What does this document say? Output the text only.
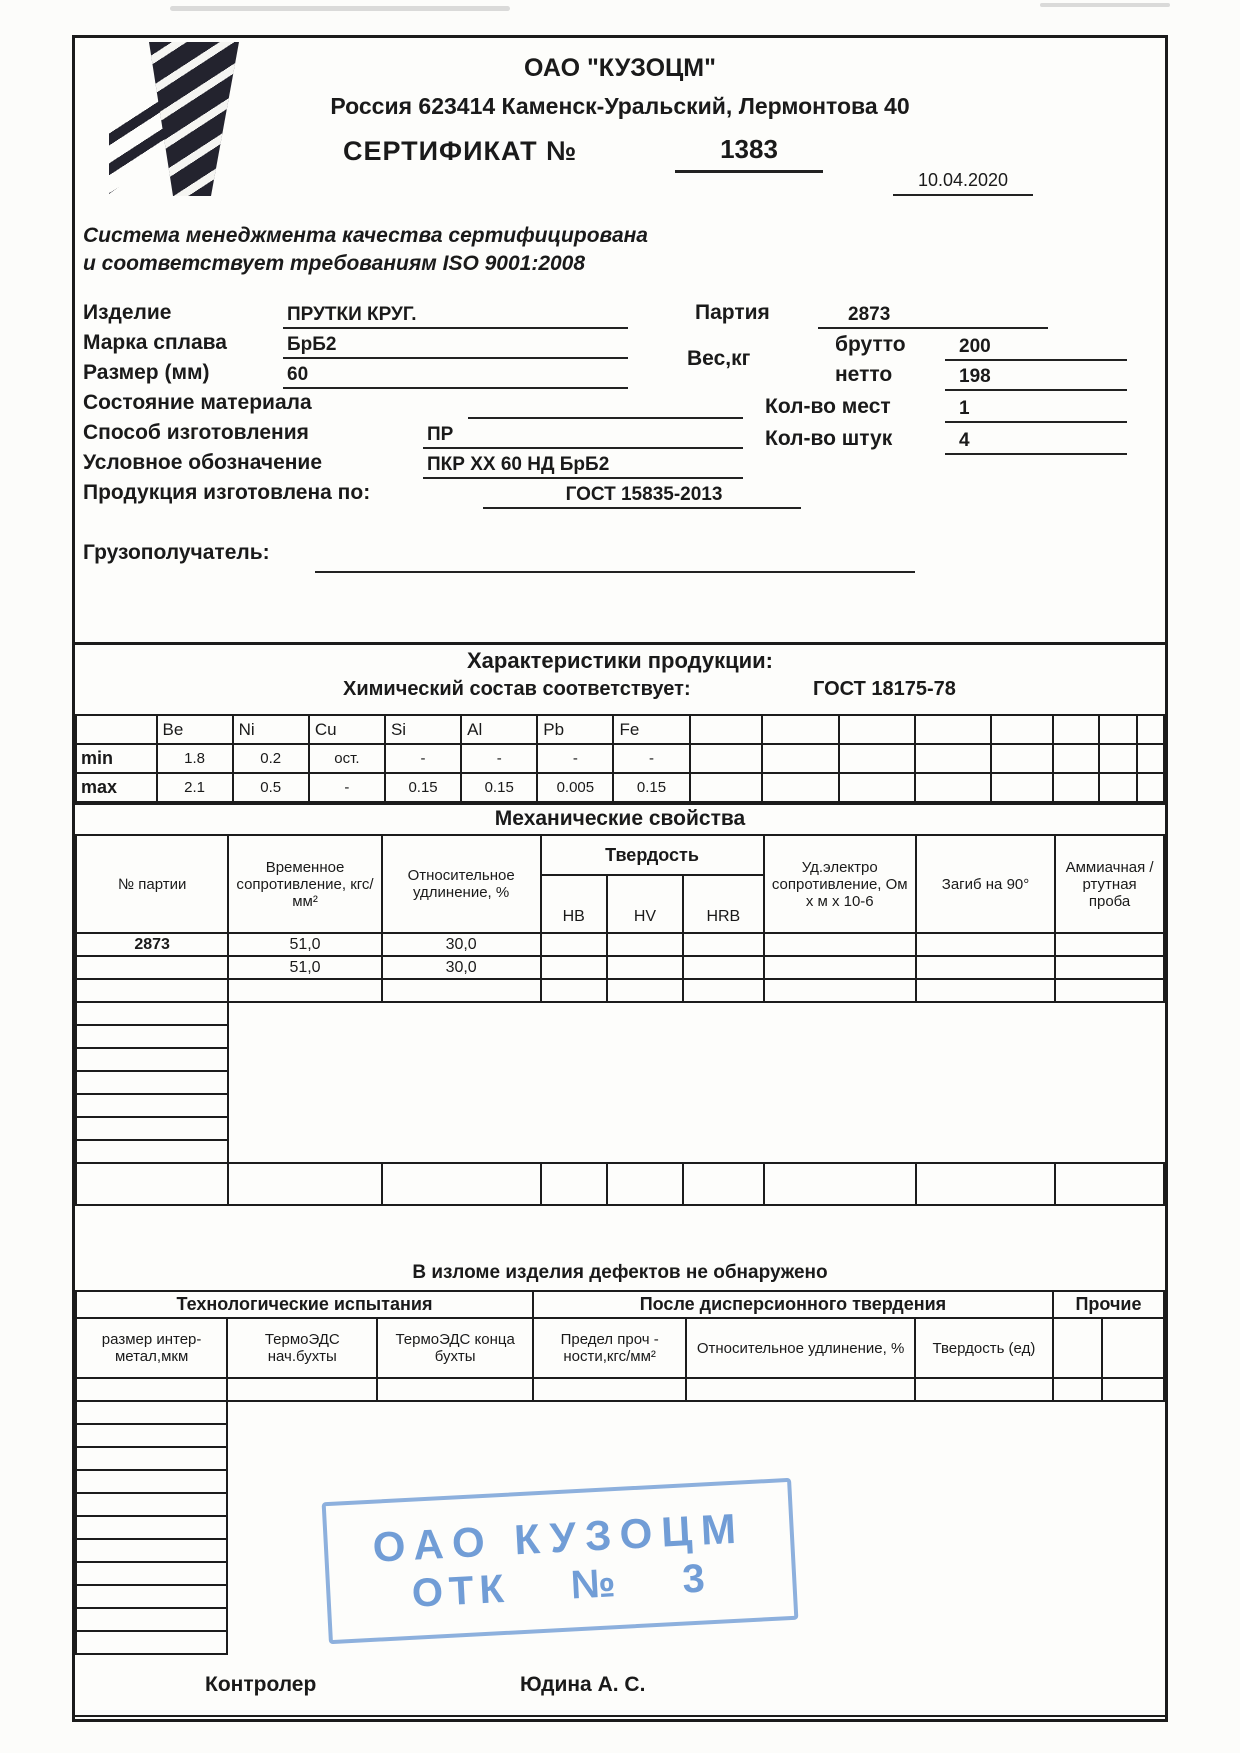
ОАО "КУЗОЦМ"
Россия 623414 Каменск-Уральский, Лермонтова 40
СЕРТИФИКАТ №	1383
10.04.2020
Система менеджмента качества сертифицирована
и соответствует требованиям ISO 9001:2008
Изделие	ПРУТКИ КРУГ.
Марка сплава	БрБ2
Размер (мм)	60
Состояние материала
Способ изготовления	ПР
Условное обозначение	ПКР ХХ 60 НД БрБ2
Продукция изготовлена по:	ГОСТ 15835-2013
Партия	2873
Вес,кг
брутто	200
нетто	198
Кол-во мест	1
Кол-во штук	4
Грузополучатель:
Характеристики продукции:
Химический состав соответствует:	ГОСТ 18175-78
	Be	Ni	Cu	Si	Al	Pb	Fe								
min	1.8	0.2	ост.	-	-	-	-								
max	2.1	0.5	-	0.15	0.15	0.005	0.15								
Механические свойства
№ партии	Временное сопротивление, кгс/мм²	Относительное удлинение, %	Твердость			Уд.электро сопротивление, Ом х м х 10-6	Загиб на 90°	Аммиачная /ртутная проба
			HB	HV	HRB			
2873	51,0	30,0						
	51,0	30,0						

В изломе изделия дефектов не обнаружено
Технологические испытания			После дисперсионного твердения			Прочие	
размер интер-метал,мкм	ТермоЭДС нач.бухты	ТермоЭДС конца бухты	Предел проч - ности,кгс/мм²	Относительное удлинение, %	Твердость (ед)		

Контролер	Юдина А. С.
ОАО КУЗОЦМ
ОТК № 3
